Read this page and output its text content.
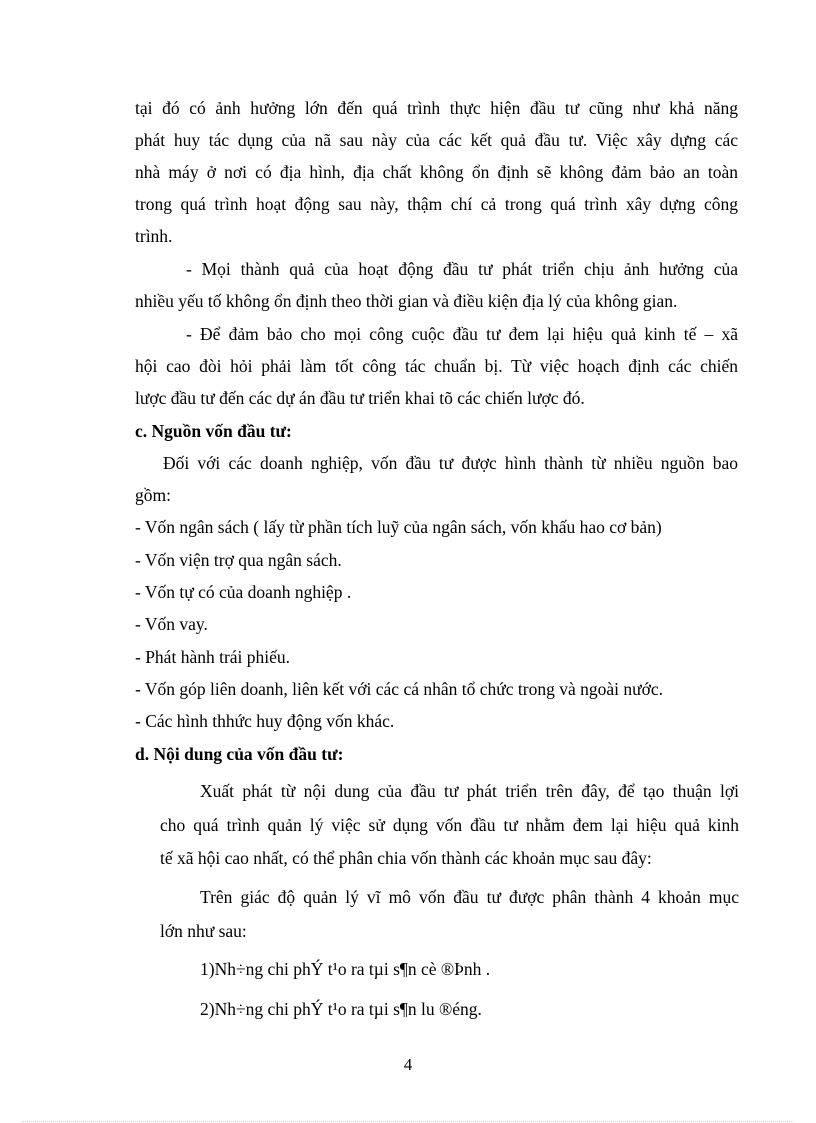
tại đó có ảnh hưởng lớn đến quá trình thực hiện đầu tư cũng như khả năng
phát huy tác dụng của nã sau này của các kết quả đầu tư. Việc xây dựng các
nhà máy ở nơi có địa hình, địa chất không ổn định sẽ không đảm bảo an toàn
trong quá trình hoạt động sau này, thậm chí cả trong quá trình xây dựng công
trình.
- Mọi thành quả của hoạt động đầu tư phát triển chịu ảnh hưởng của
nhiều yếu tố không ổn định theo thời gian và điều kiện địa lý của không gian.
- Để đảm bảo cho mọi công cuộc đầu tư đem lại hiệu quả kinh tế – xã
hội cao đòi hỏi phải làm tốt công tác chuẩn bị. Từ việc hoạch định các chiến
lược đầu tư đến các dự án đầu tư triển khai tõ các chiến lược đó.
c. Nguồn vốn đầu tư:
Đối với các doanh nghiệp, vốn đầu tư được hình thành từ nhiều nguồn bao
gồm:
- Vốn ngân sách ( lấy từ phần tích luỹ của ngân sách, vốn khấu hao cơ bản)
- Vốn viện trợ qua ngân sách.
- Vốn tự có của doanh nghiệp .
- Vốn vay.
- Phát hành trái phiếu.
- Vốn góp liên doanh, liên kết với các cá nhân tổ chức trong và ngoài nước.
- Các hình thhức huy động vốn khác.
d. Nội dung của vốn đầu tư:
Xuất phát từ nội dung của đầu tư phát triển trên đây, để tạo thuận lợi
cho quá trình quản lý việc sử dụng vốn đầu tư nhằm đem lại hiệu quả kinh
tế xã hội cao nhất, có thể phân chia vốn thành các khoản mục sau đây:
Trên giác độ quản lý vĩ mô vốn đầu tư được phân thành 4 khoản mục
lớn như sau:
1)Nh÷ng chi phÝ t¹o ra tµi s¶n cè ®Þnh .
2)Nh÷ng chi phÝ t¹o ra tµi s¶n lu ®éng.
4
